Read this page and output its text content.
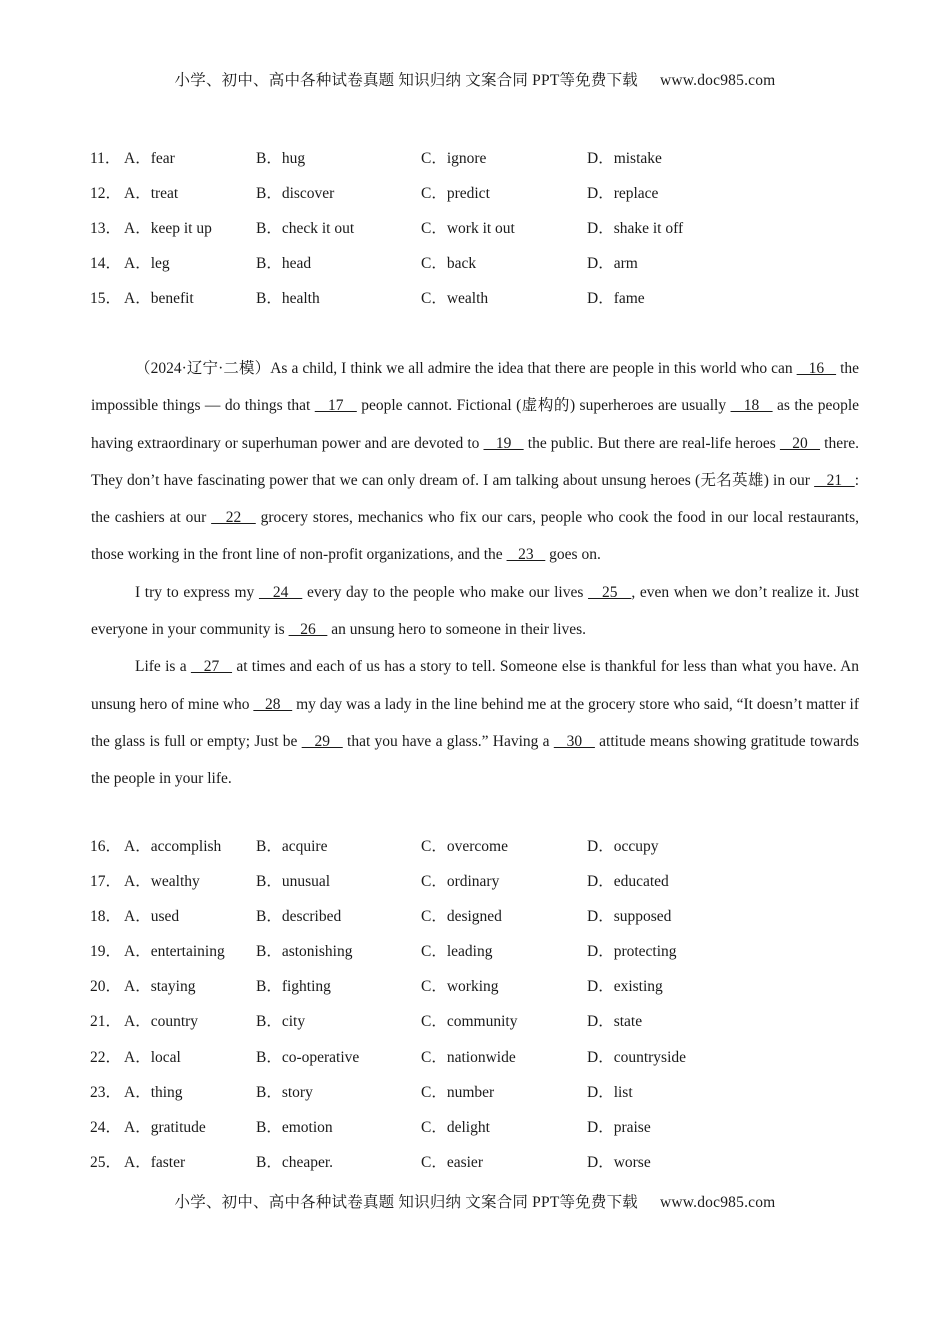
小学、初中、高中各种试卷真题 知识归纳 文案合同 PPT等免费下载 www.doc985.com
11． A．fear	B．hug	C．ignore	D．mistake
12． A．treat	B．discover	C．predict	D．replace
13． A．keep it up	B．check it out	C．work it out	D．shake it off
14． A．leg	B．head	C．back	D．arm
15． A．benefit	B．health	C．wealth	D．fame

（2024·辽宁·二模）As a child, I think we all admire the idea that there are people in this world who can    16    the impossible things — do things that    17    people cannot. Fictional (虚构的) superheroes are usually    18    as the people having extraordinary or superhuman power and are devoted to    19    the public. But there are real-life heroes    20    there. They don’t have fascinating power that we can only dream of. I am talking about unsung heroes (无名英雄) in our    21   : the cashiers at our    22    grocery stores, mechanics who fix our cars, people who cook the food in our local restaurants, those working in the front line of non-profit organizations, and the    23    goes on.

I try to express my    24    every day to the people who make our lives    25   , even when we don’t realize it. Just everyone in your community is    26    an unsung hero to someone in their lives.

Life is a    27    at times and each of us has a story to tell. Someone else is thankful for less than what you have. An unsung hero of mine who    28    my day was a lady in the line behind me at the grocery store who said, “It doesn’t matter if the glass is full or empty; Just be    29    that you have a glass.” Having a    30    attitude means showing gratitude towards the people in your life.

16． A．accomplish B．acquire	C．overcome	D．occupy
17． A．wealthy	B．unusual	C．ordinary	D．educated
18． A．used	B．described	C．designed	D．supposed
19． A．entertaining B．astonishing	C．leading	D．protecting
20． A．staying	B．fighting	C．working	D．existing
21． A．country	B．city	C．community	D．state
22． A．local	B．co-operative	C．nationwide	D．countryside
23． A．thing	B．story	C．number	D．list
24． A．gratitude	B．emotion	C．delight	D．praise
25． A．faster	B．cheaper.	C．easier	D．worse
小学、初中、高中各种试卷真题 知识归纳 文案合同 PPT等免费下载 www.doc985.com
